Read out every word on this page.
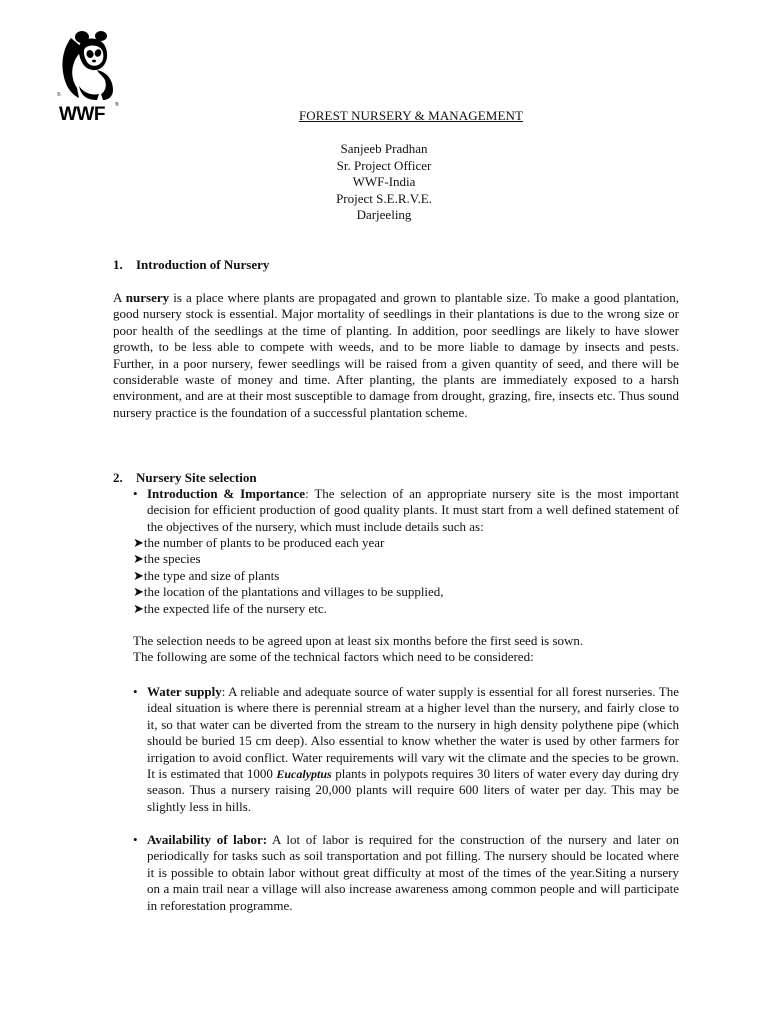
WWF ®
©
FOREST NURSERY & MANAGEMENT
Sanjeeb Pradhan
Sr. Project Officer
WWF-India
Project S.E.R.V.E.
Darjeeling
1. Introduction of Nursery
A nursery is a place where plants are propagated and grown to plantable size. To make a good plantation, good nursery stock is essential. Major mortality of seedlings in their plantations is due to the wrong size or poor health of the seedlings at the time of planting. In addition, poor seedlings are likely to have slower growth, to be less able to compete with weeds, and to be more liable to damage by insects and pests. Further, in a poor nursery, fewer seedlings will be raised from a given quantity of seed, and there will be considerable waste of money and time. After planting, the plants are immediately exposed to a harsh environment, and are at their most susceptible to damage from drought, grazing, fire, insects etc. Thus sound nursery practice is the foundation of a successful plantation scheme.
2. Nursery Site selection
• Introduction & Importance: The selection of an appropriate nursery site is the most important decision for efficient production of good quality plants. It must start from a well defined statement of the objectives of the nursery, which must include details such as:
➤the number of plants to be produced each year
➤the species
➤the type and size of plants
➤the location of the plantations and villages to be supplied,
➤the expected life of the nursery etc.
The selection needs to be agreed upon at least six months before the first seed is sown.
The following are some of the technical factors which need to be considered:
• Water supply: A reliable and adequate source of water supply is essential for all forest nurseries. The ideal situation is where there is perennial stream at a higher level than the nursery, and fairly close to it, so that water can be diverted from the stream to the nursery in high density polythene pipe (which should be buried 15 cm deep). Also essential to know whether the water is used by other farmers for irrigation to avoid conflict. Water requirements will vary wit the climate and the species to be grown. It is estimated that 1000 Eucalyptus plants in polypots requires 30 liters of water every day during dry season. Thus a nursery raising 20,000 plants will require 600 liters of water per day. This may be slightly less in hills.
• Availability of labor: A lot of labor is required for the construction of the nursery and later on periodically for tasks such as soil transportation and pot filling. The nursery should be located where it is possible to obtain labor without great difficulty at most of the times of the year.Siting a nursery on a main trail near a village will also increase awareness among common people and will participate in reforestation programme.
